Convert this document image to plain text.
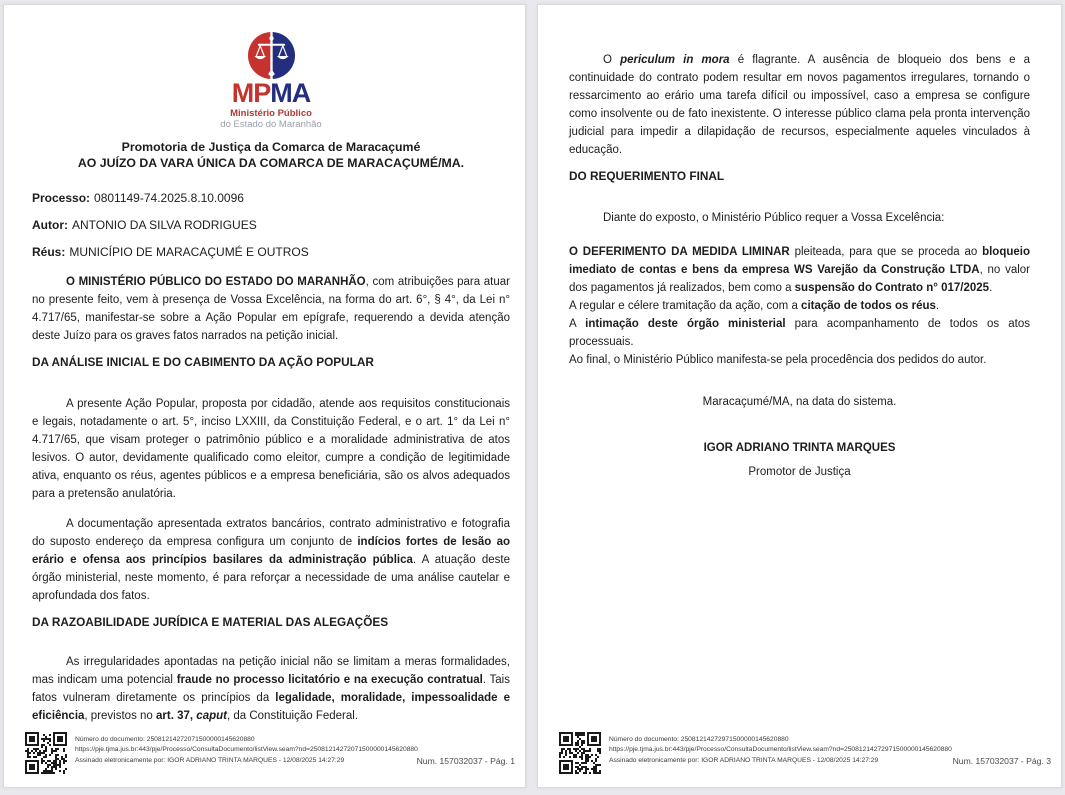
MPMA
Ministério Público
do Estado do Maranhão
Promotoria de Justiça da Comarca de Maracaçumé
AO JUÍZO DA VARA ÚNICA DA COMARCA DE MARACAÇUMÉ/MA.
Processo: 0801149-74.2025.8.10.0096
Autor: ANTONIO DA SILVA RODRIGUES
Réus: MUNICÍPIO DE MARACAÇUMÉ E OUTROS
O MINISTÉRIO PÚBLICO DO ESTADO DO MARANHÃO, com atribuições para atuar no presente feito, vem à presença de Vossa Excelência, na forma do art. 6°, § 4°, da Lei n° 4.717/65, manifestar-se sobre a Ação Popular em epígrafe, requerendo a devida atenção deste Juízo para os graves fatos narrados na petição inicial.
DA ANÁLISE INICIAL E DO CABIMENTO DA AÇÃO POPULAR
A presente Ação Popular, proposta por cidadão, atende aos requisitos constitucionais e legais, notadamente o art. 5°, inciso LXXIII, da Constituição Federal, e o art. 1° da Lei n° 4.717/65, que visam proteger o patrimônio público e a moralidade administrativa de atos lesivos. O autor, devidamente qualificado como eleitor, cumpre a condição de legitimidade ativa, enquanto os réus, agentes públicos e a empresa beneficiária, são os alvos adequados para a pretensão anulatória.
A documentação apresentada extratos bancários, contrato administrativo e fotografia do suposto endereço da empresa configura um conjunto de indícios fortes de lesão ao erário e ofensa aos princípios basilares da administração pública. A atuação deste órgão ministerial, neste momento, é para reforçar a necessidade de uma análise cautelar e aprofundada dos fatos.
DA RAZOABILIDADE JURÍDICA E MATERIAL DAS ALEGAÇÕES
As irregularidades apontadas na petição inicial não se limitam a meras formalidades, mas indicam uma potencial fraude no processo licitatório e na execução contratual. Tais fatos vulneram diretamente os princípios da legalidade, moralidade, impessoalidade e eficiência, previstos no art. 37, caput, da Constituição Federal.
Número do documento: 25081214272071500000145620880
https://pje.tjma.jus.br:443/pje/Processo/ConsultaDocumento/listView.seam?nd=25081214272071500000145620880
Assinado eletronicamente por: IGOR ADRIANO TRINTA MARQUES - 12/08/2025 14:27:29	Num. 157032037 - Pág. 1
O periculum in mora é flagrante. A ausência de bloqueio dos bens e a continuidade do contrato podem resultar em novos pagamentos irregulares, tornando o ressarcimento ao erário uma tarefa difícil ou impossível, caso a empresa se configure como insolvente ou de fato inexistente. O interesse público clama pela pronta intervenção judicial para impedir a dilapidação de recursos, especialmente aqueles vinculados à educação.
DO REQUERIMENTO FINAL
Diante do exposto, o Ministério Público requer a Vossa Excelência:
O DEFERIMENTO DA MEDIDA LIMINAR pleiteada, para que se proceda ao bloqueio imediato de contas e bens da empresa WS Varejão da Construção LTDA, no valor dos pagamentos já realizados, bem como a suspensão do Contrato n° 017/2025.
A regular e célere tramitação da ação, com a citação de todos os réus.
A intimação deste órgão ministerial para acompanhamento de todos os atos processuais.
Ao final, o Ministério Público manifesta-se pela procedência dos pedidos do autor.
Maracaçumé/MA, na data do sistema.
IGOR ADRIANO TRINTA MARQUES
Promotor de Justiça
Número do documento: 25081214272971500000145620880
https://pje.tjma.jus.br:443/pje/Processo/ConsultaDocumento/listView.seam?nd=25081214272971500000145620880
Assinado eletronicamente por: IGOR ADRIANO TRINTA MARQUES - 12/08/2025 14:27:29	Num. 157032037 - Pág. 3
